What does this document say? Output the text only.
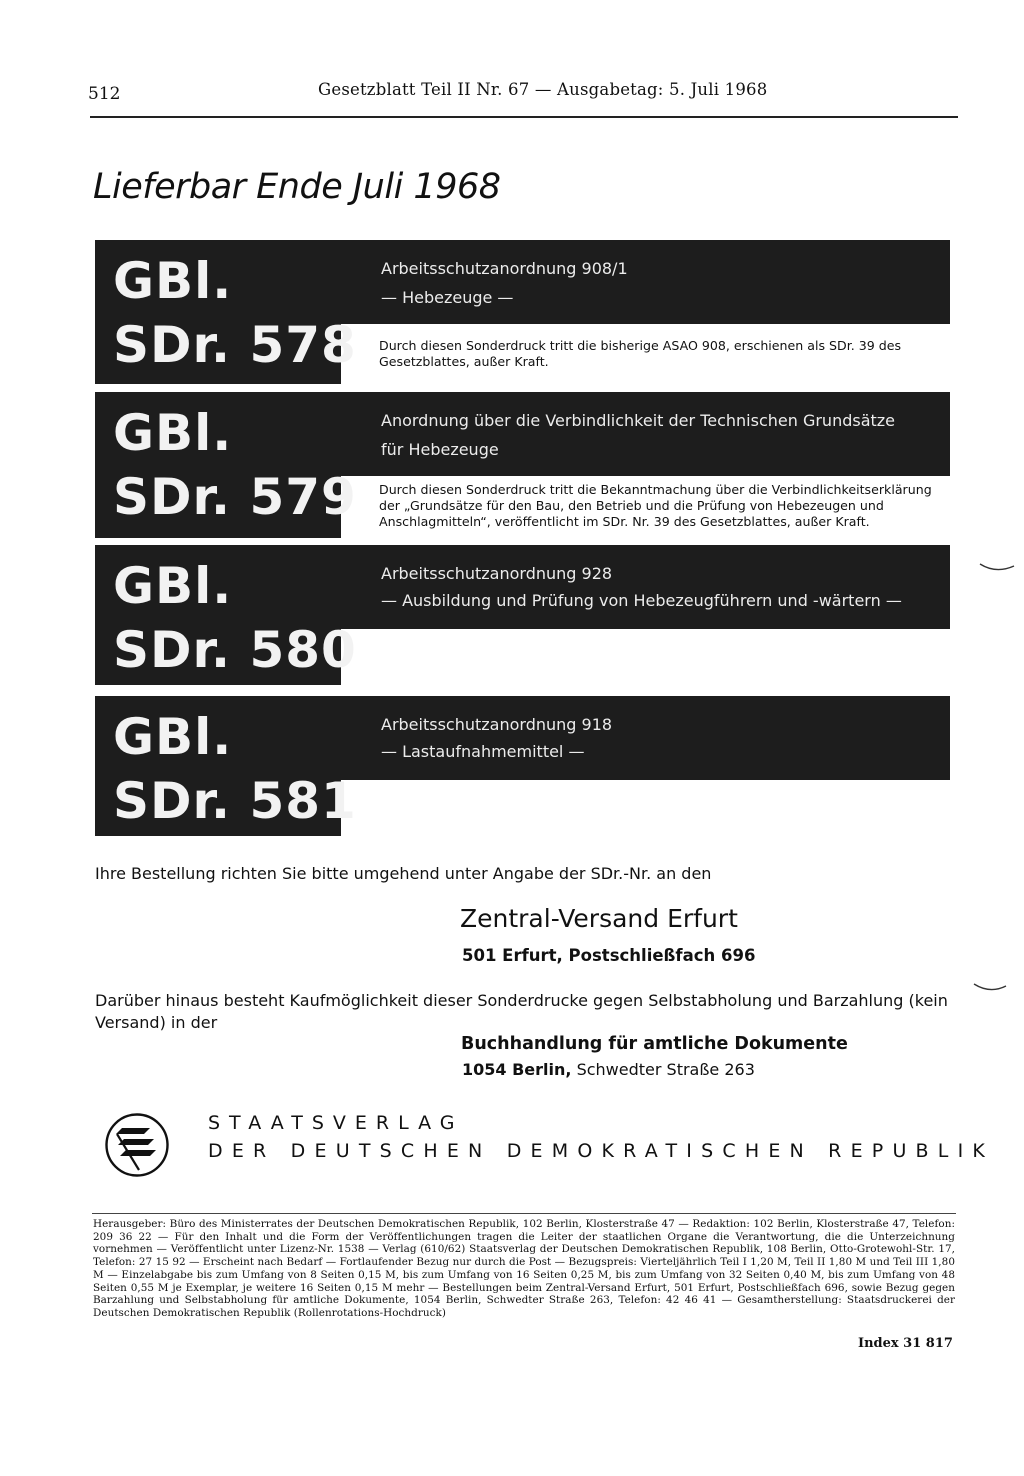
512	Gesetzblatt Teil II Nr. 67 — Ausgabetag: 5. Juli 1968
Lieferbar Ende Juli 1968
GBl.
SDr. 578
Arbeitsschutzanordnung 908/1
— Hebezeuge —
Durch diesen Sonderdruck tritt die bisherige ASAO 908, erschienen als SDr. 39 des Gesetzblattes, außer Kraft.
GBl.
SDr. 579
Anordnung über die Verbindlichkeit der Technischen Grundsätze
für Hebezeuge
Durch diesen Sonderdruck tritt die Bekanntmachung über die Verbindlichkeitserklärung der „Grundsätze für den Bau, den Betrieb und die Prüfung von Hebezeugen und Anschlagmitteln“, veröffentlicht im SDr. Nr. 39 des Gesetzblattes, außer Kraft.
GBl.
SDr. 580
Arbeitsschutzanordnung 928
— Ausbildung und Prüfung von Hebezeugführern und -wärtern —
GBl.
SDr. 581
Arbeitsschutzanordnung 918
— Lastaufnahmemittel —
Ihre Bestellung richten Sie bitte umgehend unter Angabe der SDr.-Nr. an den
Zentral-Versand Erfurt
501 Erfurt, Postschließfach 696
Darüber hinaus besteht Kaufmöglichkeit dieser Sonderdrucke gegen Selbstabholung und Barzahlung (kein Versand) in der
Buchhandlung für amtliche Dokumente
1054 Berlin, Schwedter Straße 263
STAATSVERLAG
DER DEUTSCHEN DEMOKRATISCHEN REPUBLIK
Herausgeber: Büro des Ministerrates der Deutschen Demokratischen Republik, 102 Berlin, Klosterstraße 47 — Redaktion: 102 Berlin, Klosterstraße 47, Telefon: 209 36 22 — Für den Inhalt und die Form der Veröffentlichungen tragen die Leiter der staatlichen Organe die Verantwortung, die die Unterzeichnung vornehmen — Veröffentlicht unter Lizenz-Nr. 1538 — Verlag (610/62) Staatsverlag der Deutschen Demokratischen Republik, 108 Berlin, Otto-Grotewohl-Str. 17, Telefon: 27 15 92 — Erscheint nach Bedarf — Fortlaufender Bezug nur durch die Post — Bezugspreis: Vierteljährlich Teil I 1,20 M, Teil II 1,80 M und Teil III 1,80 M — Einzelabgabe bis zum Umfang von 8 Seiten 0,15 M, bis zum Umfang von 16 Seiten 0,25 M, bis zum Umfang von 32 Seiten 0,40 M, bis zum Umfang von 48 Seiten 0,55 M je Exemplar, je weitere 16 Seiten 0,15 M mehr — Bestellungen beim Zentral-Versand Erfurt, 501 Erfurt, Postschließfach 696, sowie Bezug gegen Barzahlung und Selbstabholung für amtliche Dokumente, 1054 Berlin, Schwedter Straße 263, Telefon: 42 46 41 — Gesamtherstellung: Staatsdruckerei der Deutschen Demokratischen Republik (Rollenrotations-Hochdruck)
Index 31 817
